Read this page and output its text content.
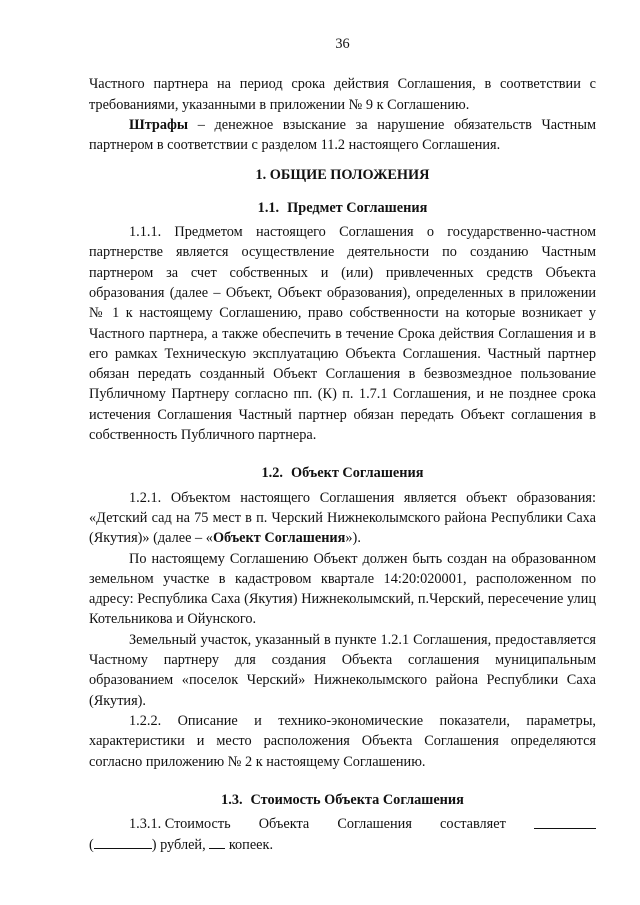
36

Частного партнера на период срока действия Соглашения, в соответствии с требованиями, указанными в приложении № 9 к Соглашению.

Штрафы – денежное взыскание за нарушение обязательств Частным партнером в соответствии с разделом 11.2 настоящего Соглашения.

1. ОБЩИЕ ПОЛОЖЕНИЯ
1.1. Предмет Соглашения

1.1.1. Предметом настоящего Соглашения о государственно-частном партнерстве является осуществление деятельности по созданию Частным партнером за счет собственных и (или) привлеченных средств Объекта образования (далее – Объект, Объект образования), определенных в приложении № 1 к настоящему Соглашению, право собственности на которые возникает у Частного партнера, а также обеспечить в течение Срока действия Соглашения и в его рамках Техническую эксплуатацию Объекта Соглашения. Частный партнер обязан передать созданный Объект Соглашения в безвозмездное пользование Публичному Партнеру согласно пп. (К) п. 1.7.1 Соглашения, и не позднее срока истечения Соглашения Частный партнер обязан передать Объект соглашения в собственность Публичного партнера.

1.2. Объект Соглашения

1.2.1. Объектом настоящего Соглашения является объект образования: «Детский сад на 75 мест в п. Черский Нижнеколымского района Республики Саха (Якутия)» (далее – «Объект Соглашения»).

По настоящему Соглашению Объект должен быть создан на образованном земельном участке в кадастровом квартале 14:20:020001, расположенном по адресу: Республика Саха (Якутия) Нижнеколымский, п.Черский, пересечение улиц Котельникова и Ойунского.

Земельный участок, указанный в пункте 1.2.1 Соглашения, предоставляется Частному партнеру для создания Объекта соглашения муниципальным образованием «поселок Черский» Нижнеколымского района Республики Саха (Якутия).

1.2.2. Описание и технико-экономические показатели, параметры, характеристики и место расположения Объекта Соглашения определяются согласно приложению № 2 к настоящему Соглашению.

1.3. Стоимость Объекта Соглашения
1.3.1. Стоимость Объекта Соглашения составляет
(	) рублей, копеек.
